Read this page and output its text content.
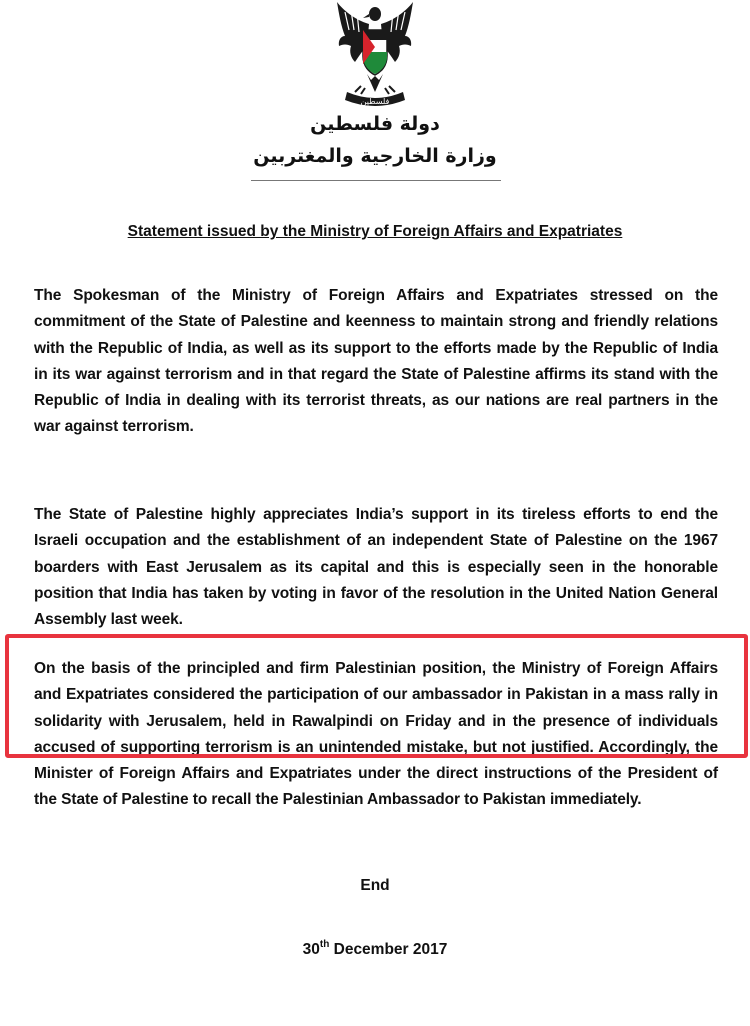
فلسطين
دولة فلسطين
وزارة الخارجية والمغتربين
Statement issued by the Ministry of Foreign Affairs and Expatriates
The Spokesman of the Ministry of Foreign Affairs and Expatriates stressed on the commitment of the State of Palestine and keenness to maintain strong and friendly relations with the Republic of India, as well as its support to the efforts made by the Republic of India in its war against terrorism and in that regard the State of Palestine affirms its stand with the Republic of India in dealing with its terrorist threats, as our nations are real partners in the war against terrorism.
The State of Palestine highly appreciates India’s support in its tireless efforts to end the Israeli occupation and the establishment of an independent State of Palestine on the 1967 boarders with East Jerusalem as its capital and this is especially seen in the honorable position that India has taken by voting in favor of the resolution in the United Nation General Assembly last week.
On the basis of the principled and firm Palestinian position, the Ministry of Foreign Affairs and Expatriates considered the participation of our ambassador in Pakistan in a mass rally in solidarity with Jerusalem, held in Rawalpindi on Friday and in the presence of individuals accused of supporting terrorism is an unintended mistake, but not justified. Accordingly, the Minister of Foreign Affairs and Expatriates under the direct instructions of the President of the State of Palestine to recall the Palestinian Ambassador to Pakistan immediately.
End
30th December 2017
